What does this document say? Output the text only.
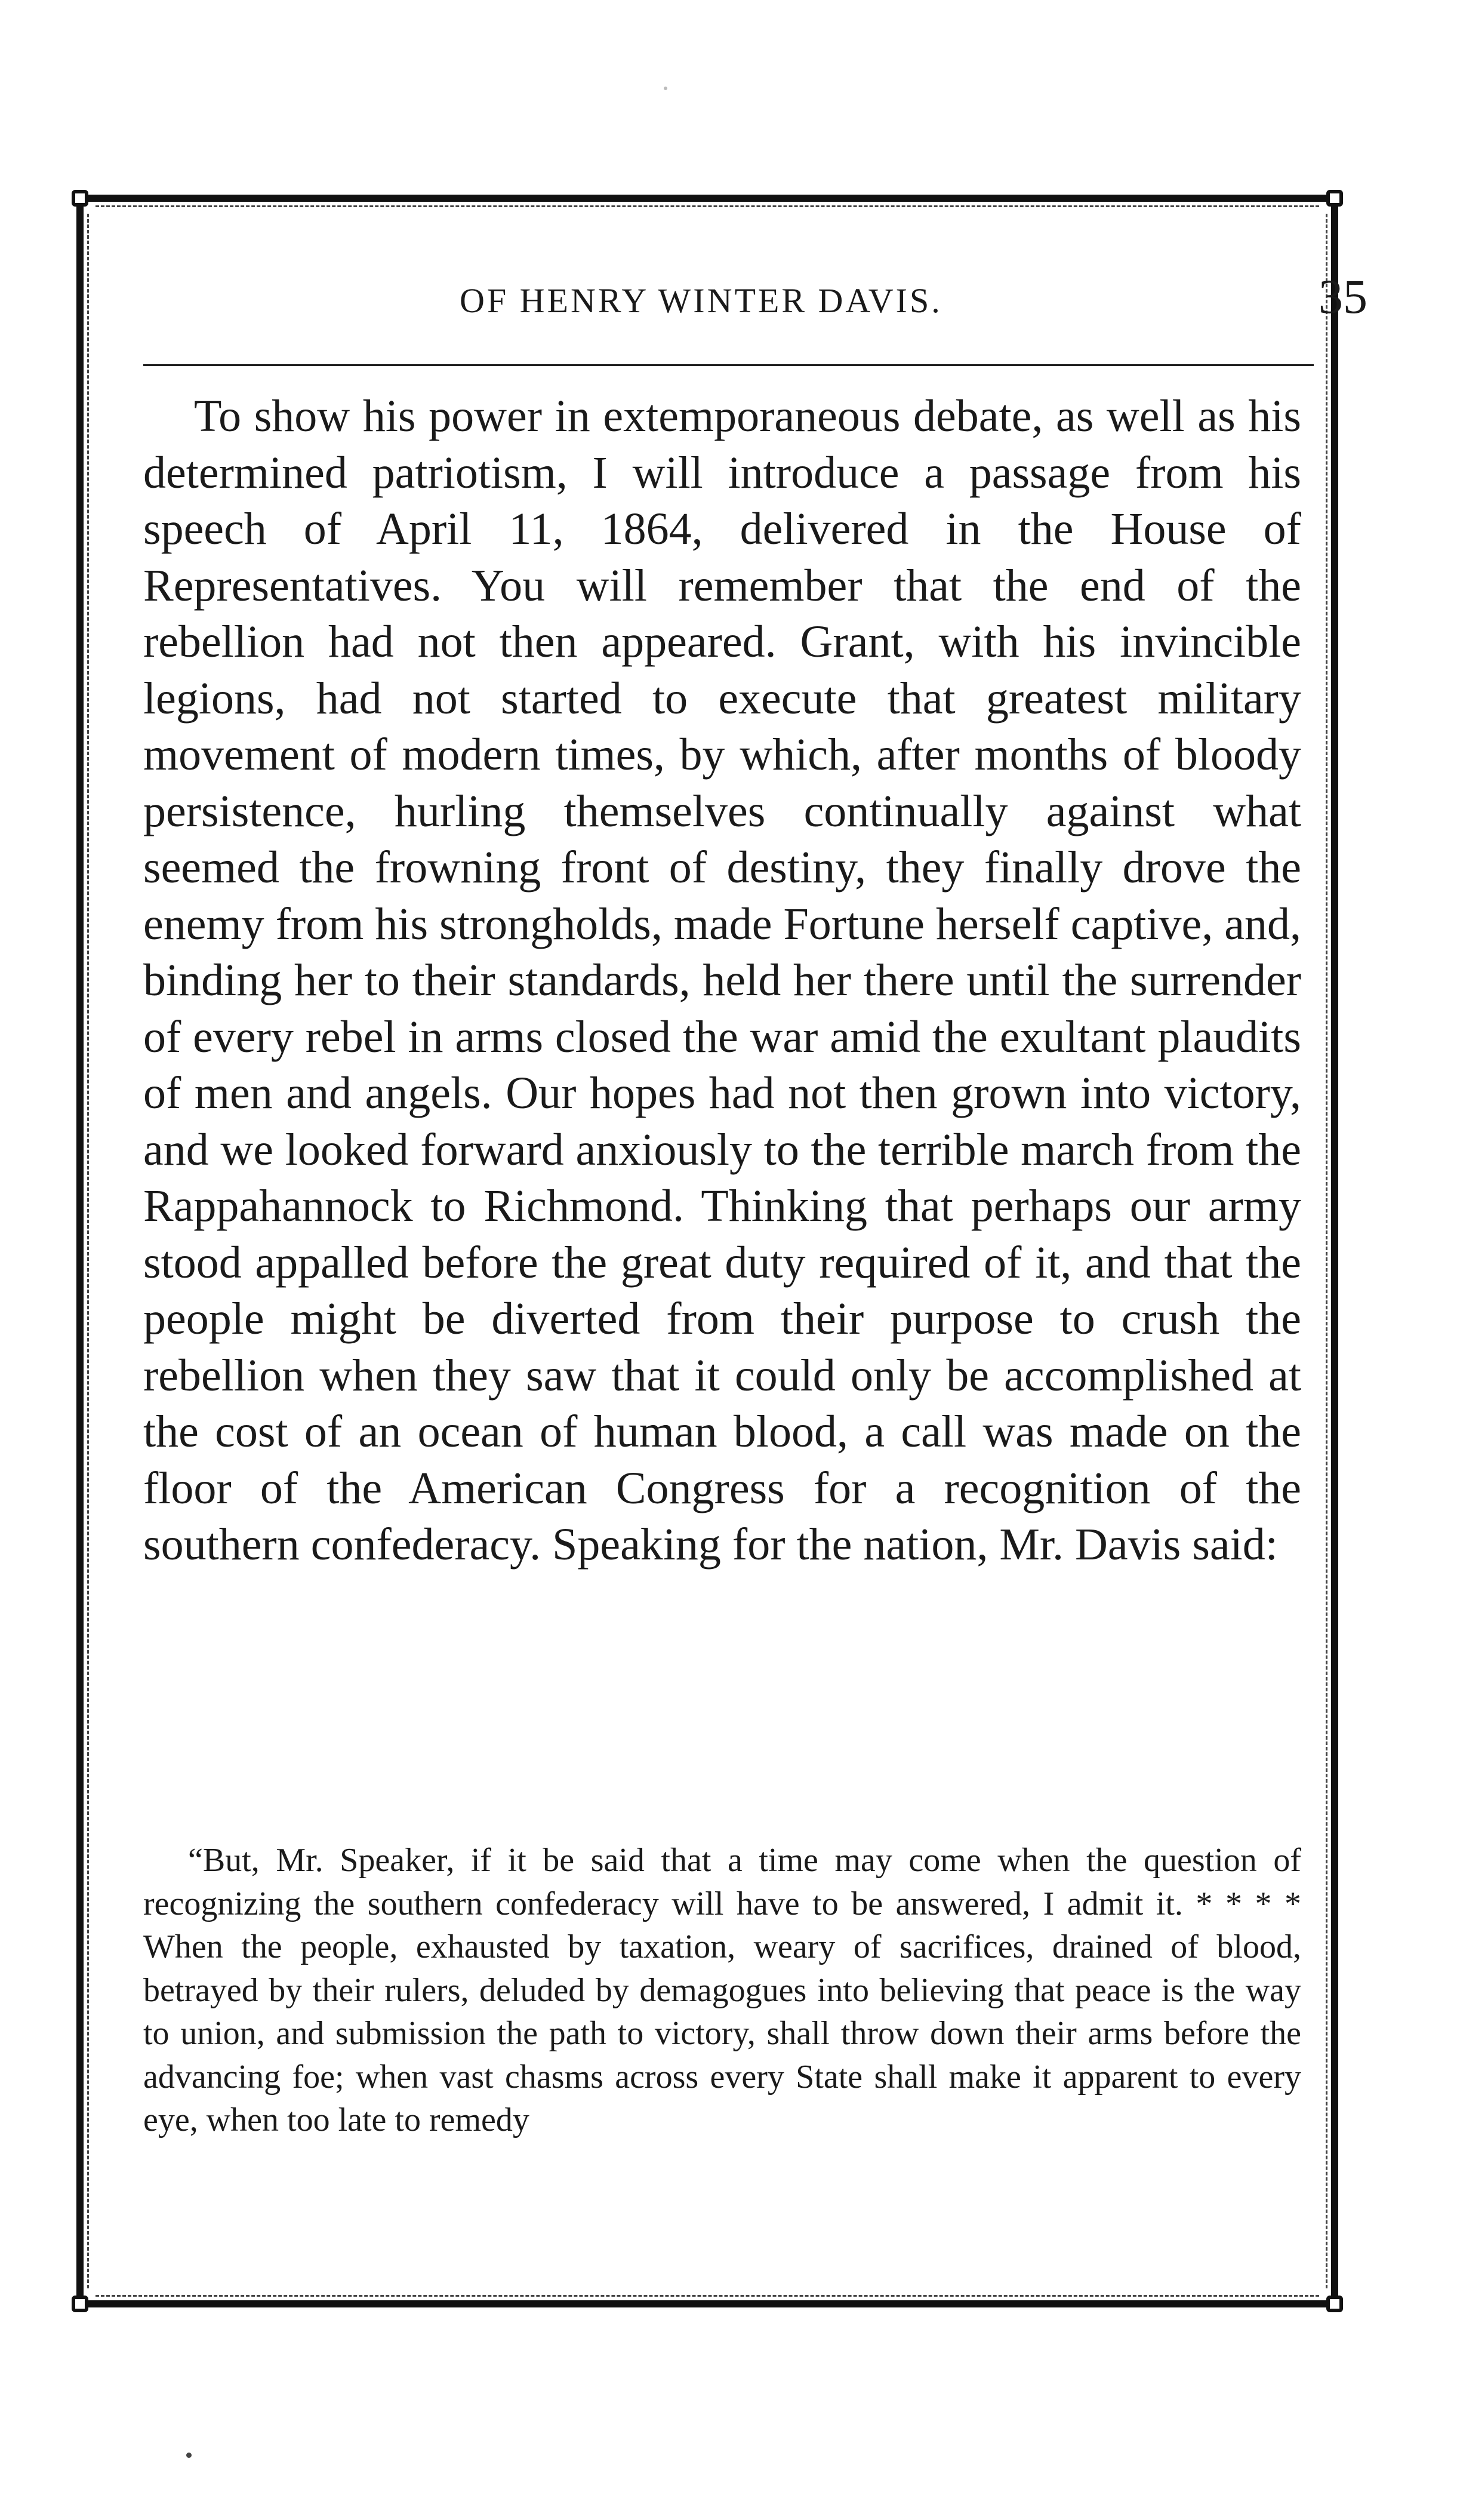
OF HENRY WINTER DAVIS.	35

To show his power in extemporaneous debate, as well as his determined patriotism, I will introduce a passage from his speech of April 11, 1864, delivered in the House of Representatives. You will remember that the end of the rebellion had not then appeared. Grant, with his invincible legions, had not started to execute that greatest military movement of modern times, by which, after months of bloody persistence, hurling themselves continually against what seemed the frowning front of destiny, they finally drove the enemy from his strongholds, made Fortune herself captive, and, binding her to their standards, held her there until the surrender of every rebel in arms closed the war amid the exultant plaudits of men and angels. Our hopes had not then grown into victory, and we looked forward anxiously to the terrible march from the Rappahannock to Richmond. Thinking that perhaps our army stood appalled before the great duty required of it, and that the people might be diverted from their purpose to crush the rebellion when they saw that it could only be accomplished at the cost of an ocean of human blood, a call was made on the floor of the American Congress for a recognition of the southern confederacy. Speaking for the nation, Mr. Davis said:

“But, Mr. Speaker, if it be said that a time may come when the question of recognizing the southern confederacy will have to be answered, I admit it. * * * * When the people, exhausted by taxation, weary of sacrifices, drained of blood, betrayed by their rulers, deluded by demagogues into believing that peace is the way to union, and submission the path to victory, shall throw down their arms before the advancing foe; when vast chasms across every State shall make it apparent to every eye, when too late to remedy
